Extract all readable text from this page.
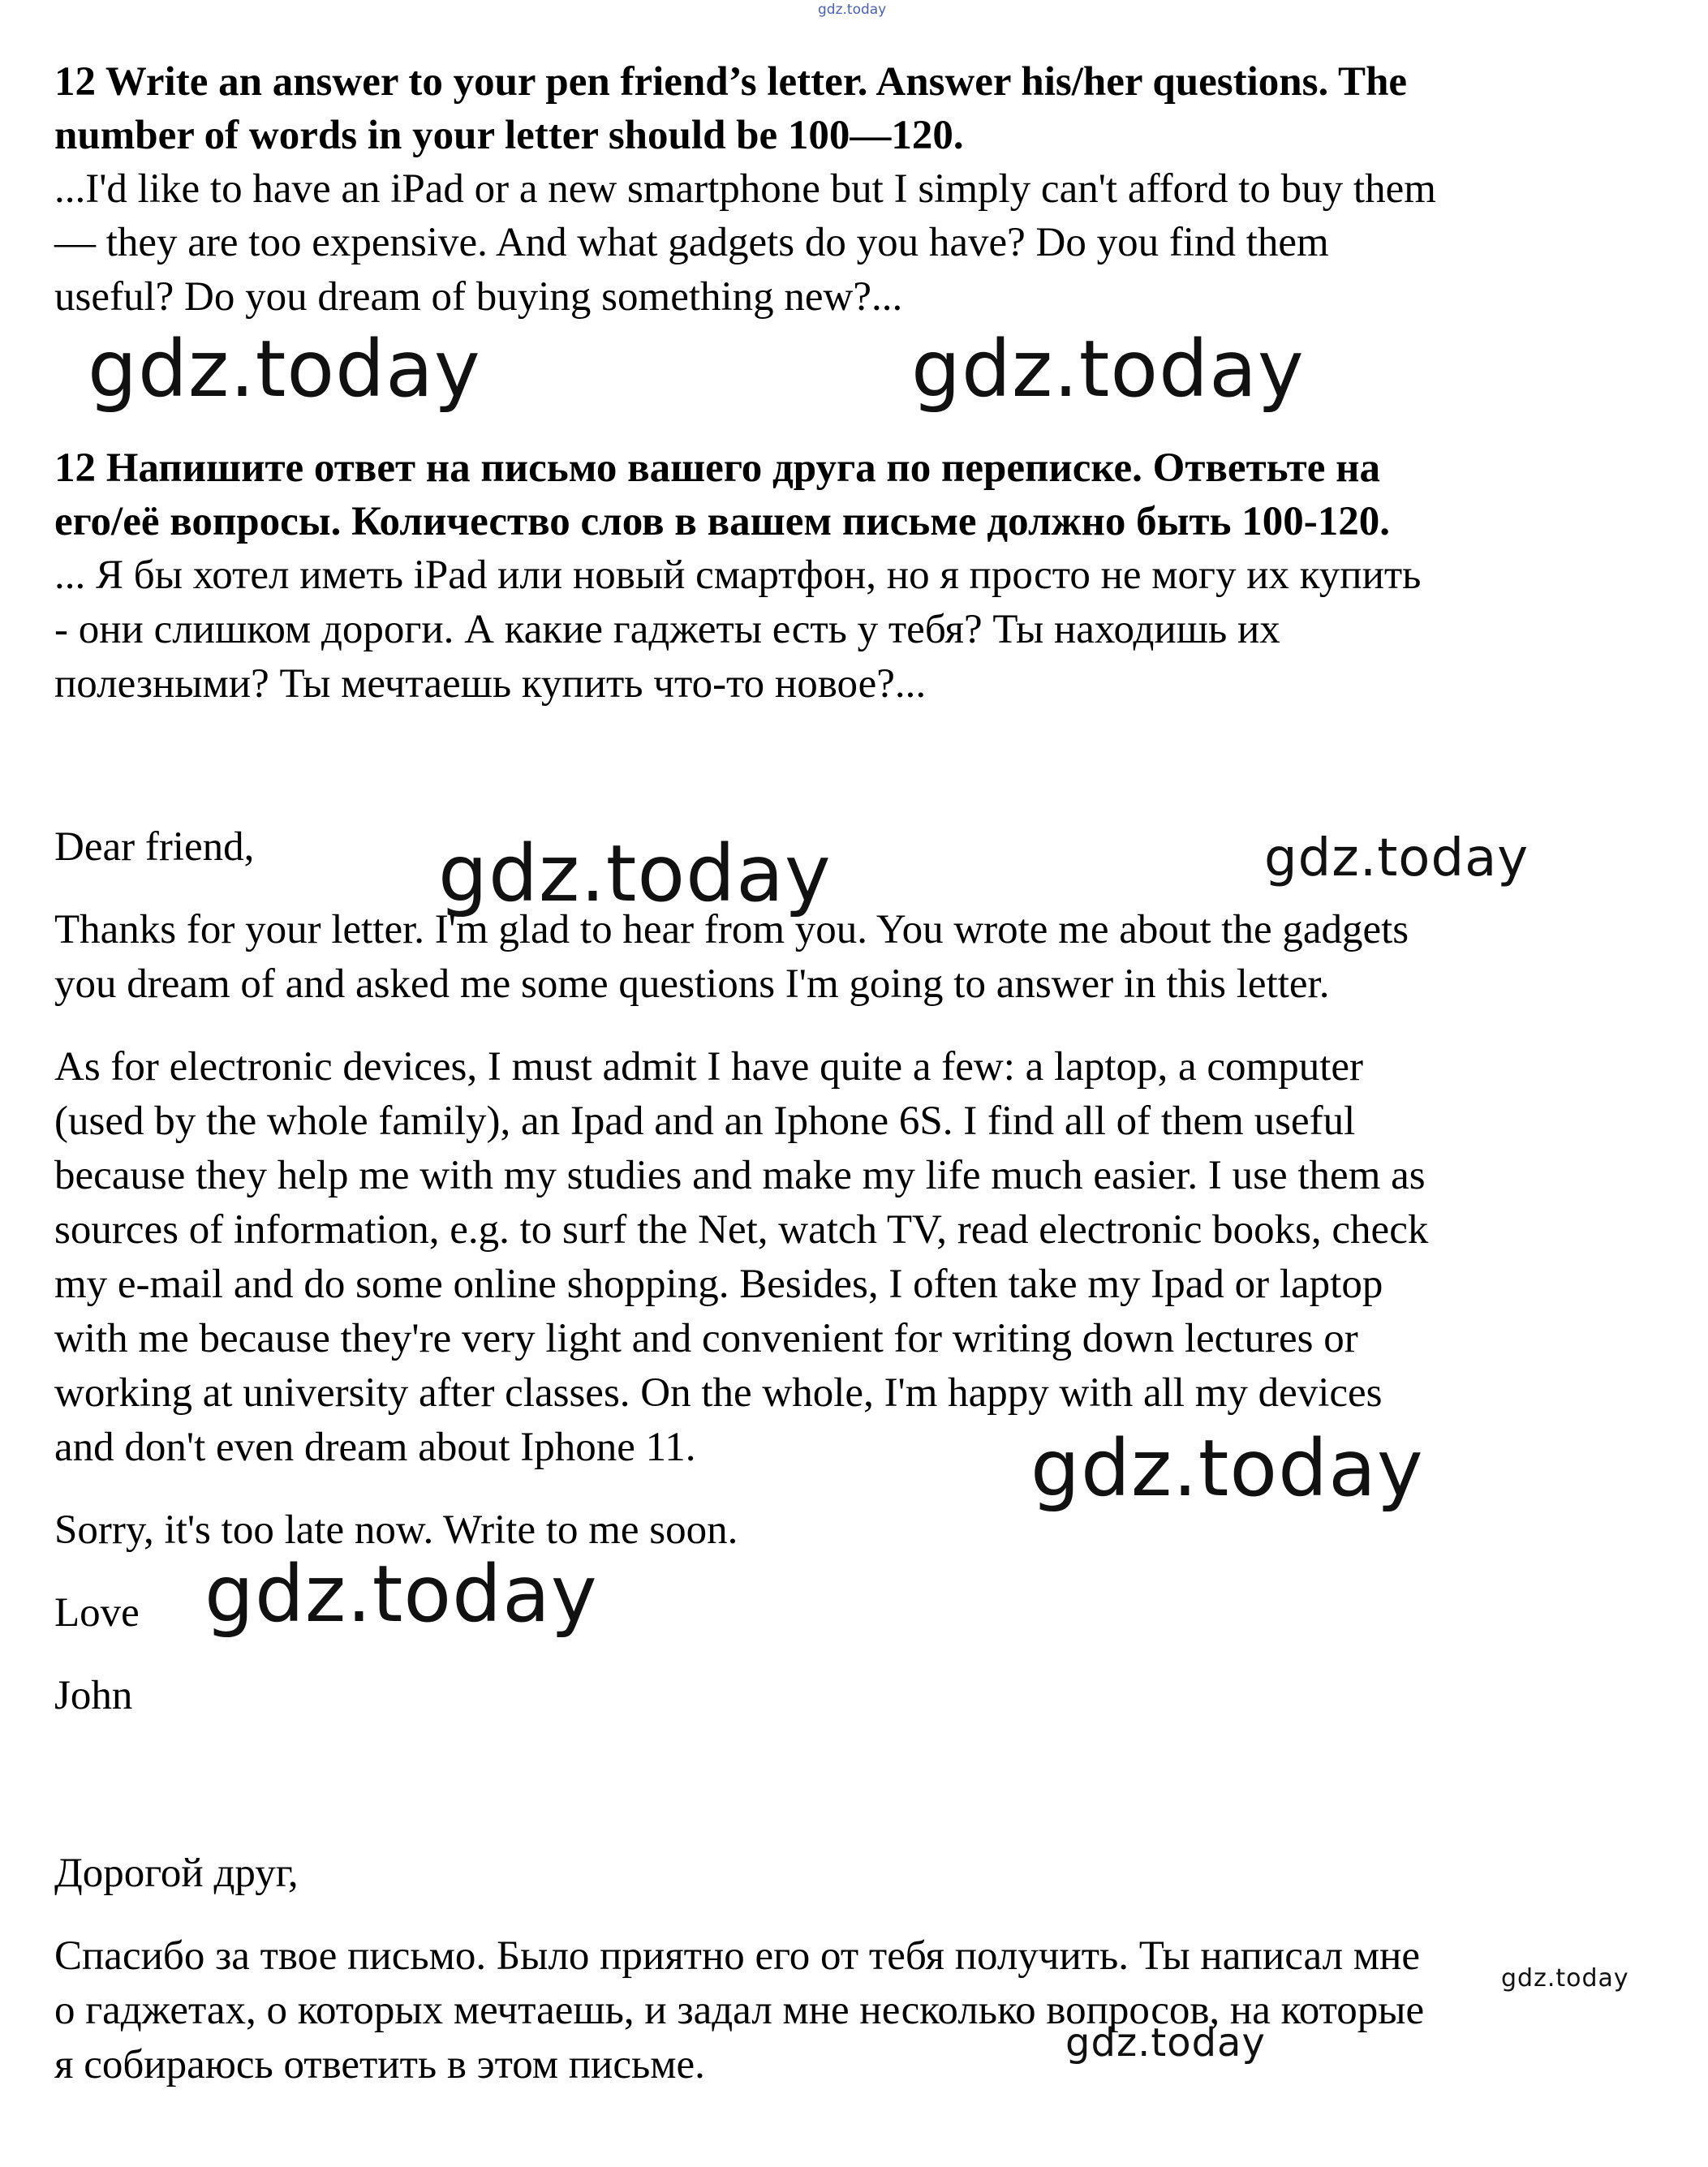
gdz.today
12 Write an answer to your pen friend’s letter. Answer his/her questions. The
number of words in your letter should be 100—120.
...I'd like to have an iPad or a new smartphone but I simply can't afford to buy them
— they are too expensive. And what gadgets do you have? Do you find them
useful? Do you dream of buying something new?...
gdz.today	gdz.today
12 Напишите ответ на письмо вашего друга по переписке. Ответьте на
его/её вопросы. Количество слов в вашем письме должно быть 100-120.
... Я бы хотел иметь iPad или новый смартфон, но я просто не могу их купить
- они слишком дороги. А какие гаджеты есть у тебя? Ты находишь их
полезными? Ты мечтаешь купить что-то новое?...
Dear friend, gdz.today	gdz.today
Thanks for your letter. I'm glad to hear from you. You wrote me about the gadgets
you dream of and asked me some questions I'm going to answer in this letter.
As for electronic devices, I must admit I have quite a few: a laptop, a computer
(used by the whole family), an Ipad and an Iphone 6S. I find all of them useful
because they help me with my studies and make my life much easier. I use them as
sources of information, e.g. to surf the Net, watch TV, read electronic books, check
my e-mail and do some online shopping. Besides, I often take my Ipad or laptop
with me because they're very light and convenient for writing down lectures or
working at university after classes. On the whole, I'm happy with all my devices
and don't even dream about Iphone 11.	gdz.today
Sorry, it's too late now. Write to me soon.
Love gdz.today
John
Дорогой друг,
Спасибо за твое письмо. Было приятно его от тебя получить. Ты написал мне
о гаджетах, о которых мечтаешь, и задал мне несколько вопросов, на которые
я собираюсь ответить в этом письме.
gdz.today
gdz.today
